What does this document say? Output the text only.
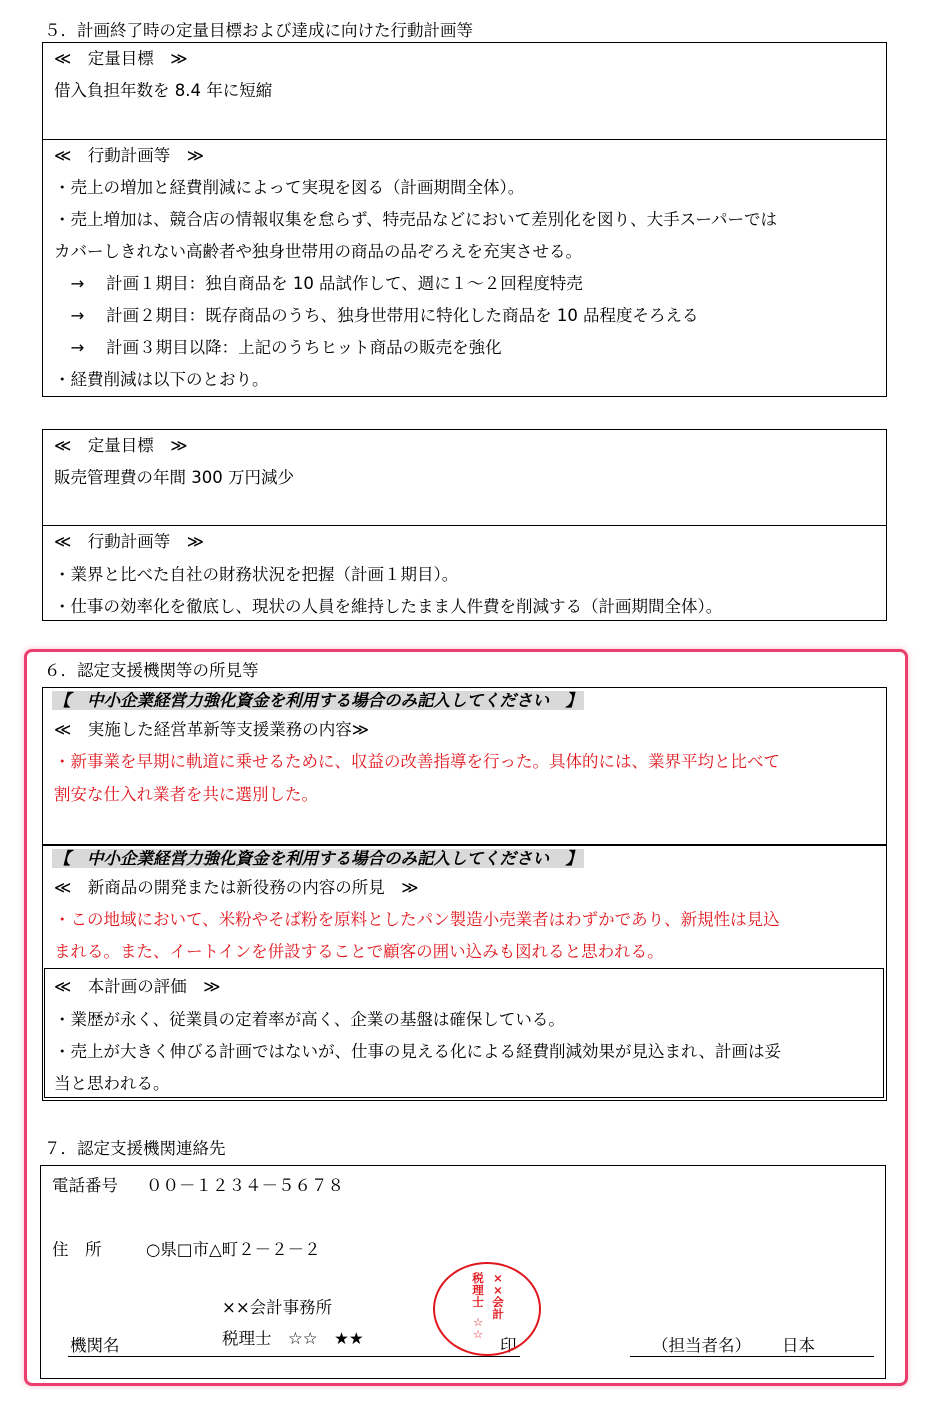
５．計画終了時の定量目標および達成に向けた行動計画等
≪　定量目標　≫
借入負担年数を 8.4 年に短縮
≪　行動計画等　≫
・売上の増加と経費削減によって実現を図る（計画期間全体）。
・売上増加は、競合店の情報収集を怠らず、特売品などにおいて差別化を図り、大手スーパーでは
カバーしきれない高齢者や独身世帯用の商品の品ぞろえを充実させる。
　→　 計画１期目：独自商品を 10 品試作して、週に１～２回程度特売
　→　 計画２期目：既存商品のうち、独身世帯用に特化した商品を 10 品程度そろえる
　→　 計画３期目以降：上記のうちヒット商品の販売を強化
・経費削減は以下のとおり。
≪　定量目標　≫
販売管理費の年間 300 万円減少
≪　行動計画等　≫
・業界と比べた自社の財務状況を把握（計画１期目）。
・仕事の効率化を徹底し、現状の人員を維持したまま人件費を削減する（計画期間全体）。
６．認定支援機関等の所見等
【　中小企業経営力強化資金を利用する場合のみ記入してください　】
≪　実施した経営革新等支援業務の内容≫
・新事業を早期に軌道に乗せるために、収益の改善指導を行った。具体的には、業界平均と比べて
割安な仕入れ業者を共に選別した。
【　中小企業経営力強化資金を利用する場合のみ記入してください　】
≪　新商品の開発または新役務の内容の所見　≫
・この地域において、米粉やそば粉を原料としたパン製造小売業者はわずかであり、新規性は見込
まれる。また、イートインを併設することで顧客の囲い込みも図れると思われる。
≪　本計画の評価　≫
・業歴が永く、従業員の定着率が高く、企業の基盤は確保している。
・売上が大きく伸びる計画ではないが、仕事の見える化による経費削減効果が見込まれ、計画は妥
当と思われる。
７．認定支援機関連絡先
電話番号 ００－１２３４－５６７８
住　所	○県□市△町２－２－２
××会計事務所
機関名	税理士　☆☆　★★	印	（担当者名） 日本
××会計
税理士
☆☆
